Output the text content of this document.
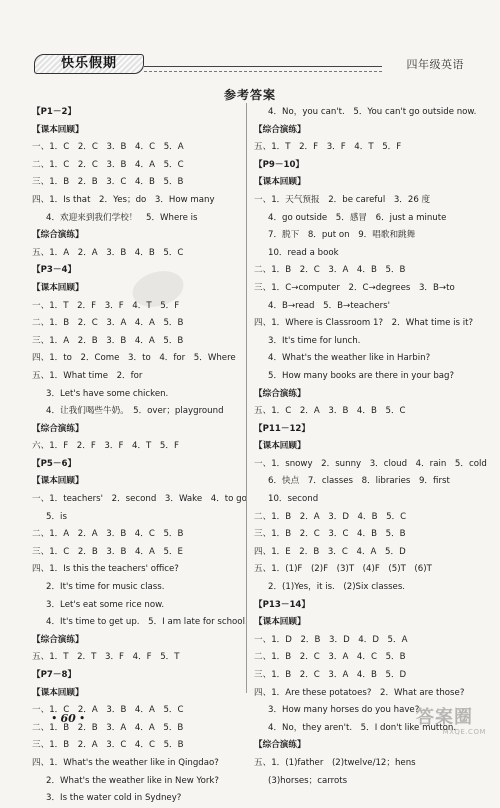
快乐假期	四年级英语
参考答案
【P1－2】
【课本回顾】
一、1．C　2．C　3．B　4．C　5．A
二、1．C　2．C　3．B　4．A　5．C
三、1．B　2．B　3．C　4．B　5．B
四、1．Is that　2．Yes；do　3．How many
4．欢迎来到我们学校！　5．Where is
【综合演练】
五、1．A　2．A　3．B　4．B　5．C
【P3－4】
【课本回顾】
一、1．T　2．F　3．F　4．T　5．F
二、1．B　2．C　3．A　4．A　5．B
三、1．A　2．B　3．B　4．A　5．B
四、1．to　2．Come　3．to　4．for　5．Where
五、1．What time　2．for
3．Let's have some chicken.
4．让我们喝些牛奶。　5．over；playground
【综合演练】
六、1．F　2．F　3．F　4．T　5．F
【P5－6】
【课本回顾】
一、1．teachers'　2．second　3．Wake　4．to go
5．is
二、1．A　2．A　3．B　4．C　5．B
三、1．C　2．B　3．B　4．A　5．E
四、1．Is this the teachers' office?
2．It's time for music class.
3．Let's eat some rice now.
4．It's time to get up.　5．I am late for school.
【综合演练】
五、1．T　2．T　3．F　4．F　5．T
【P7－8】
【课本回顾】
一、1．C　2．A　3．B　4．A　5．C
二、1．B　2．B　3．A　4．A　5．B
三、1．B　2．A　3．C　4．C　5．B
四、1．What's the weather like in Qingdao?
2．What's the weather like in New York?
3．Is the water cold in Sydney?
4．No，you can't.　5．You can't go outside now.
【综合演练】
五、1．T　2．F　3．F　4．T　5．F
【P9－10】
【课本回顾】
一、1．天气预报　2．be careful　3．26 度
4．go outside　5．感冒　6．just a minute
7．脱下　8．put on　9．唱歌和跳舞
10．read a book
二、1．B　2．C　3．A　4．B　5．B
三、1．C→computer　2．C→degrees　3．B→to
4．B→read　5．B→teachers'
四、1．Where is Classroom 1?　2．What time is it?
3．It's time for lunch.
4．What's the weather like in Harbin?
5．How many books are there in your bag?
【综合演练】
五、1．C　2．A　3．B　4．B　5．C
【P11－12】
【课本回顾】
一、1．snowy　2．sunny　3．cloud　4．rain　5．cold
6．快点　7．classes　8．libraries　9．first
10．second
二、1．B　2．A　3．D　4．B　5．C
三、1．B　2．C　3．C　4．B　5．B
四、1．E　2．B　3．C　4．A　5．D
五、1．(1)F　(2)F　(3)T　(4)F　(5)T　(6)T
2．(1)Yes，it is.　(2)Six classes.
【P13－14】
【课本回顾】
一、1．D　2．B　3．D　4．D　5．A
二、1．B　2．C　3．A　4．C　5．B
三、1．B　2．C　3．A　4．B　5．D
四、1．Are these potatoes?　2．What are those?
3．How many horses do you have?
4．No，they aren't.　5．I don't like mutton.
【综合演练】
五、1．(1)father　(2)twelve/12；hens
(3)horses；carrots
• 60 •	答案圈
MXQE.COM
